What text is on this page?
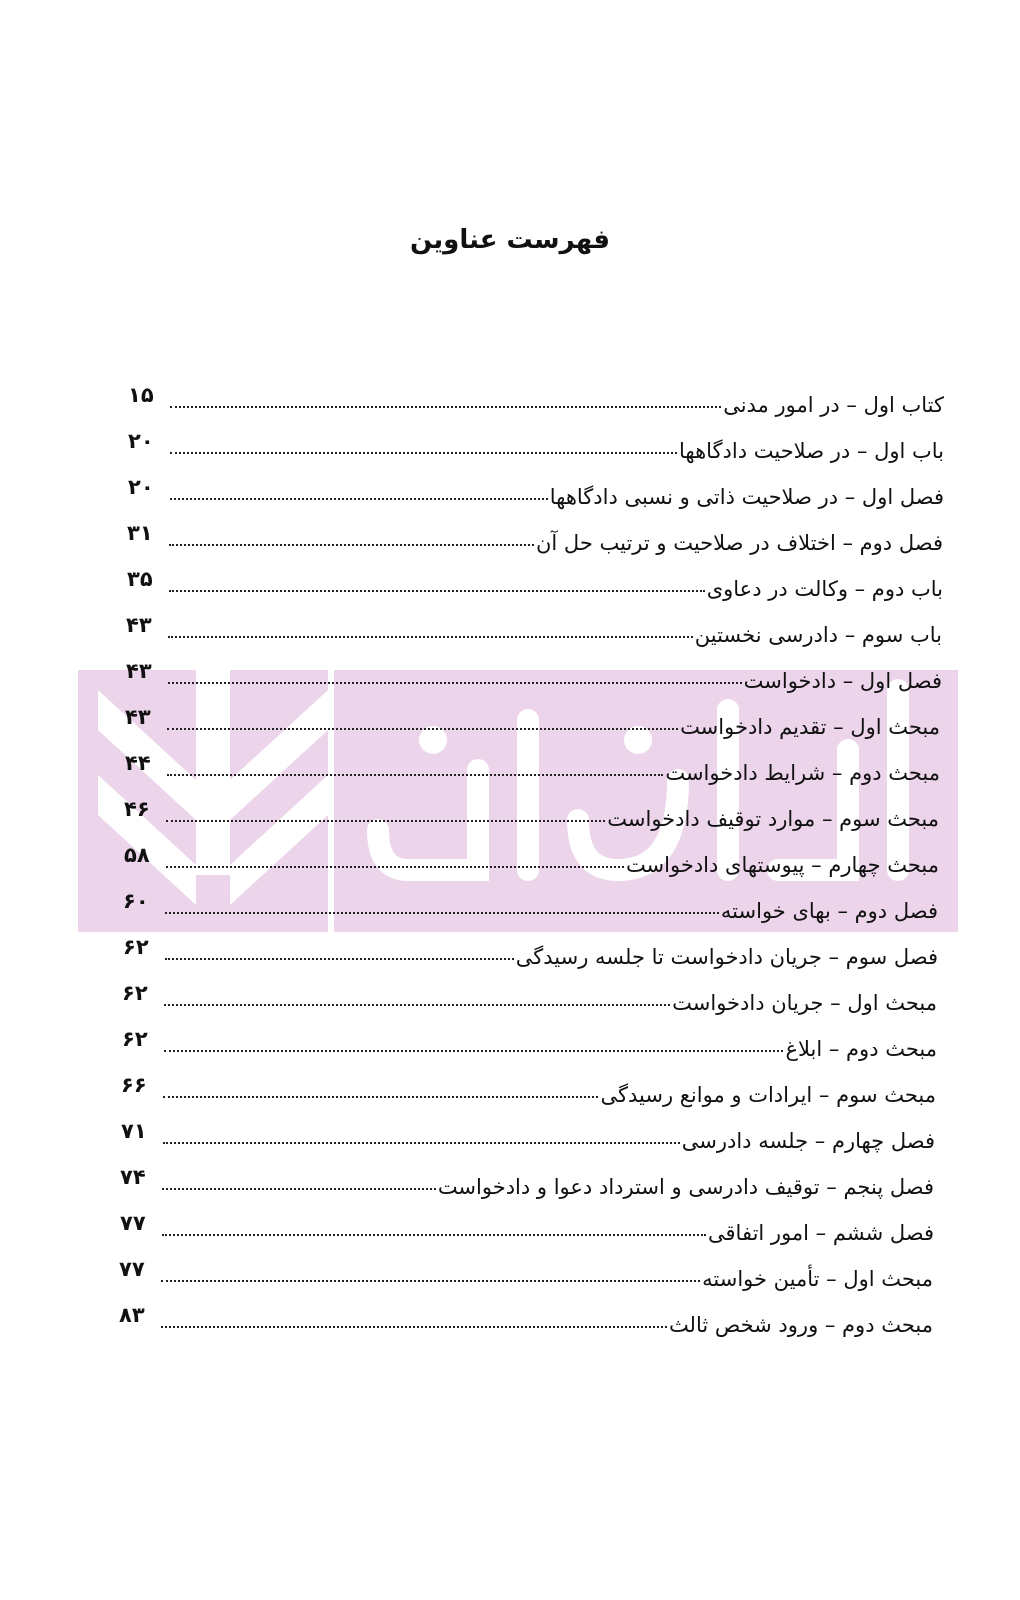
فهرست عناوین
۱۵	کتاب اول – در امور مدنی
۲۰	باب اول – در صلاحیت دادگاهها
۲۰	فصل اول – در صلاحیت ذاتی و نسبی دادگاهها
۳۱	فصل دوم – اختلاف در صلاحیت و ترتیب حل آن
۳۵	باب دوم – وکالت در دعاوی
۴۳	باب سوم – دادرسی نخستین
۴۳	فصل اول – دادخواست
۴۳	مبحث اول – تقدیم دادخواست
۴۴	مبحث دوم – شرایط دادخواست
۴۶	مبحث سوم – موارد توقیف دادخواست
۵۸	مبحث چهارم – پیوستهای دادخواست
۶۰	فصل دوم – بهای خواسته
۶۲	فصل سوم – جریان دادخواست تا جلسه رسیدگی
۶۲	مبحث اول – جریان دادخواست
۶۲	مبحث دوم – ابلاغ
۶۶	مبحث سوم – ایرادات و موانع رسیدگی
۷۱	فصل چهارم – جلسه دادرسی
۷۴	فصل پنجم – توقیف دادرسی و استرداد دعوا و دادخواست
۷۷	فصل ششم – امور اتفاقی
۷۷	مبحث اول – تأمین خواسته
۸۳	مبحث دوم – ورود شخص ثالث
